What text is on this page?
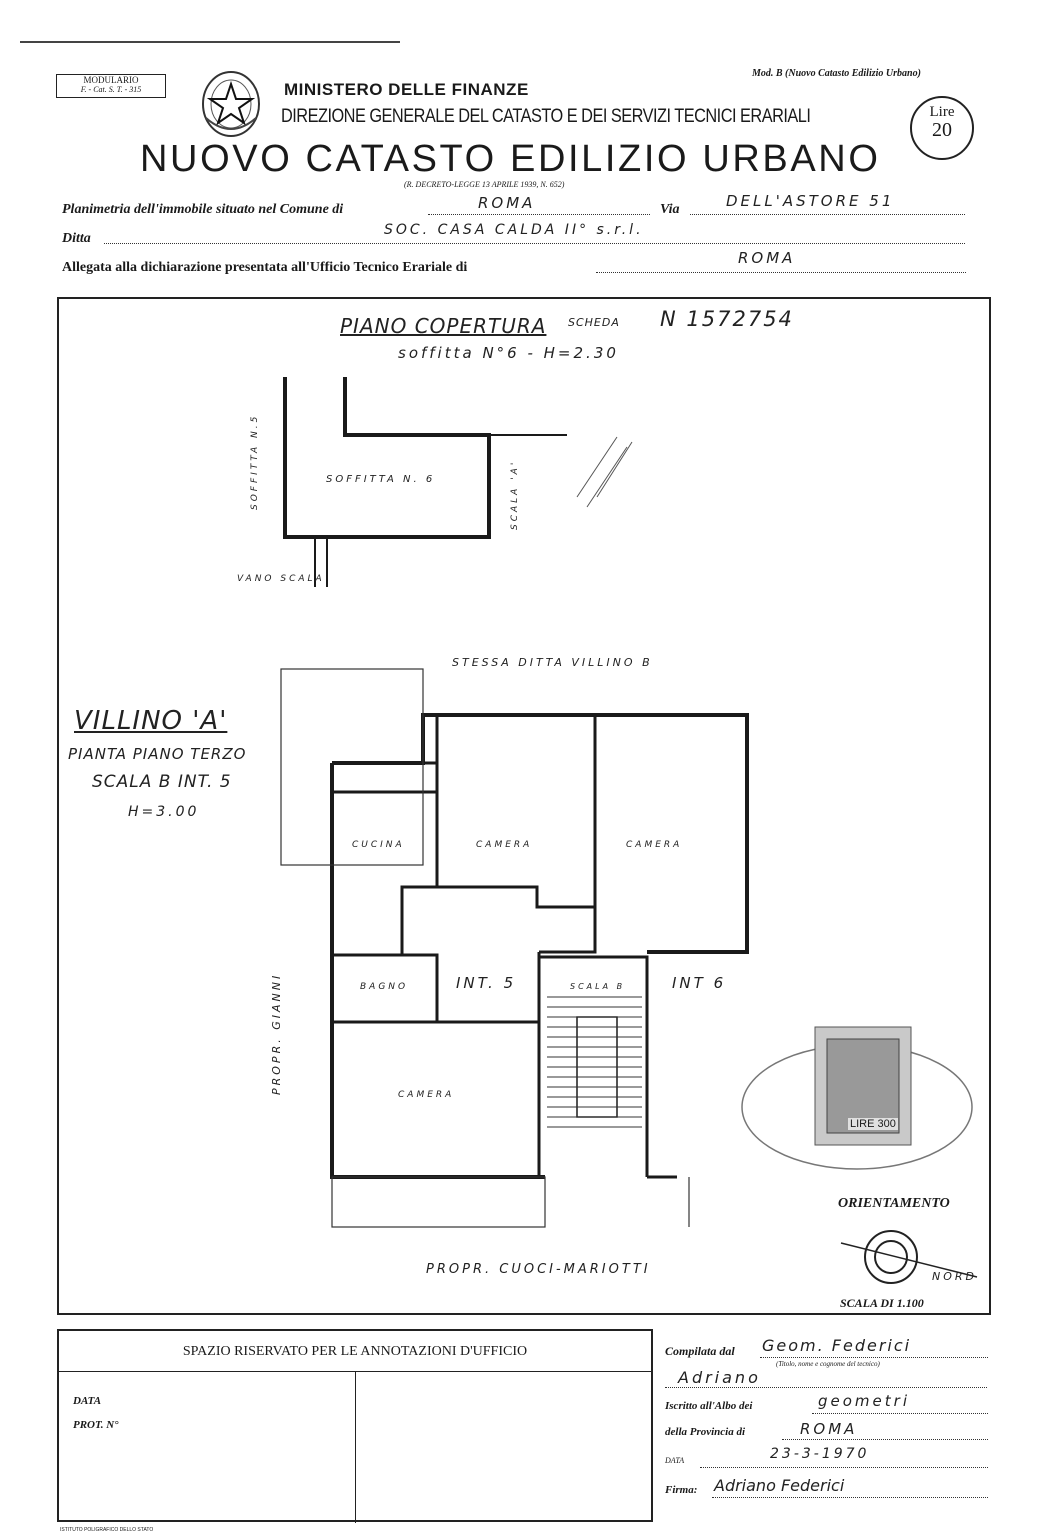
MODULARIO
F. - Cat. S. T. - 315	MINISTERO DELLE FINANZE
Mod. B (Nuovo Catasto Edilizio Urbano)
DIREZIONE GENERALE DEL CATASTO E DEI SERVIZI TECNICI ERARIALI	Lire
20
NUOVO CATASTO EDILIZIO URBANO
(R. DECRETO-LEGGE 13 APRILE 1939, N. 652)
Planimetria dell'immobile situato nel Comune di	ROMA	Via	DELL'ASTORE 51
Ditta
SOC. CASA CALDA II° s.r.l.
Allegata alla dichiarazione presentata all'Ufficio Tecnico Erariale di
ROMA
PIANO COPERTURA SCHEDA N 1572754
soffitta N°6 - H=2.30
SOFFITTA N.5	SOFFITTA N. 6	SCALA 'A'
VANO SCALA
STESSA DITTA VILLINO B
VILLINO 'A'
PIANTA PIANO TERZO
SCALA B INT. 5
H=3.00
CUCINA	CAMERA	CAMERA
BAGNO	INT. 5	SCALA B	INT 6
CAMERA
PROPR. GIANNI
PROPR. CUOCI-MARIOTTI
LIRE 300
ORIENTAMENTO
NORD
SCALA DI 1.100
SPAZIO RISERVATO PER LE ANNOTAZIONI D'UFFICIO
DATA
PROT. N°
Compilata dal Geom. Federici
(Titolo, nome e cognome del tecnico)
Adriano
Iscritto all'Albo dei	geometri
della Provincia di	ROMA
DATA	23-3-1970
Firma: Adriano Federici
ISTITUTO POLIGRAFICO DELLO STATO
